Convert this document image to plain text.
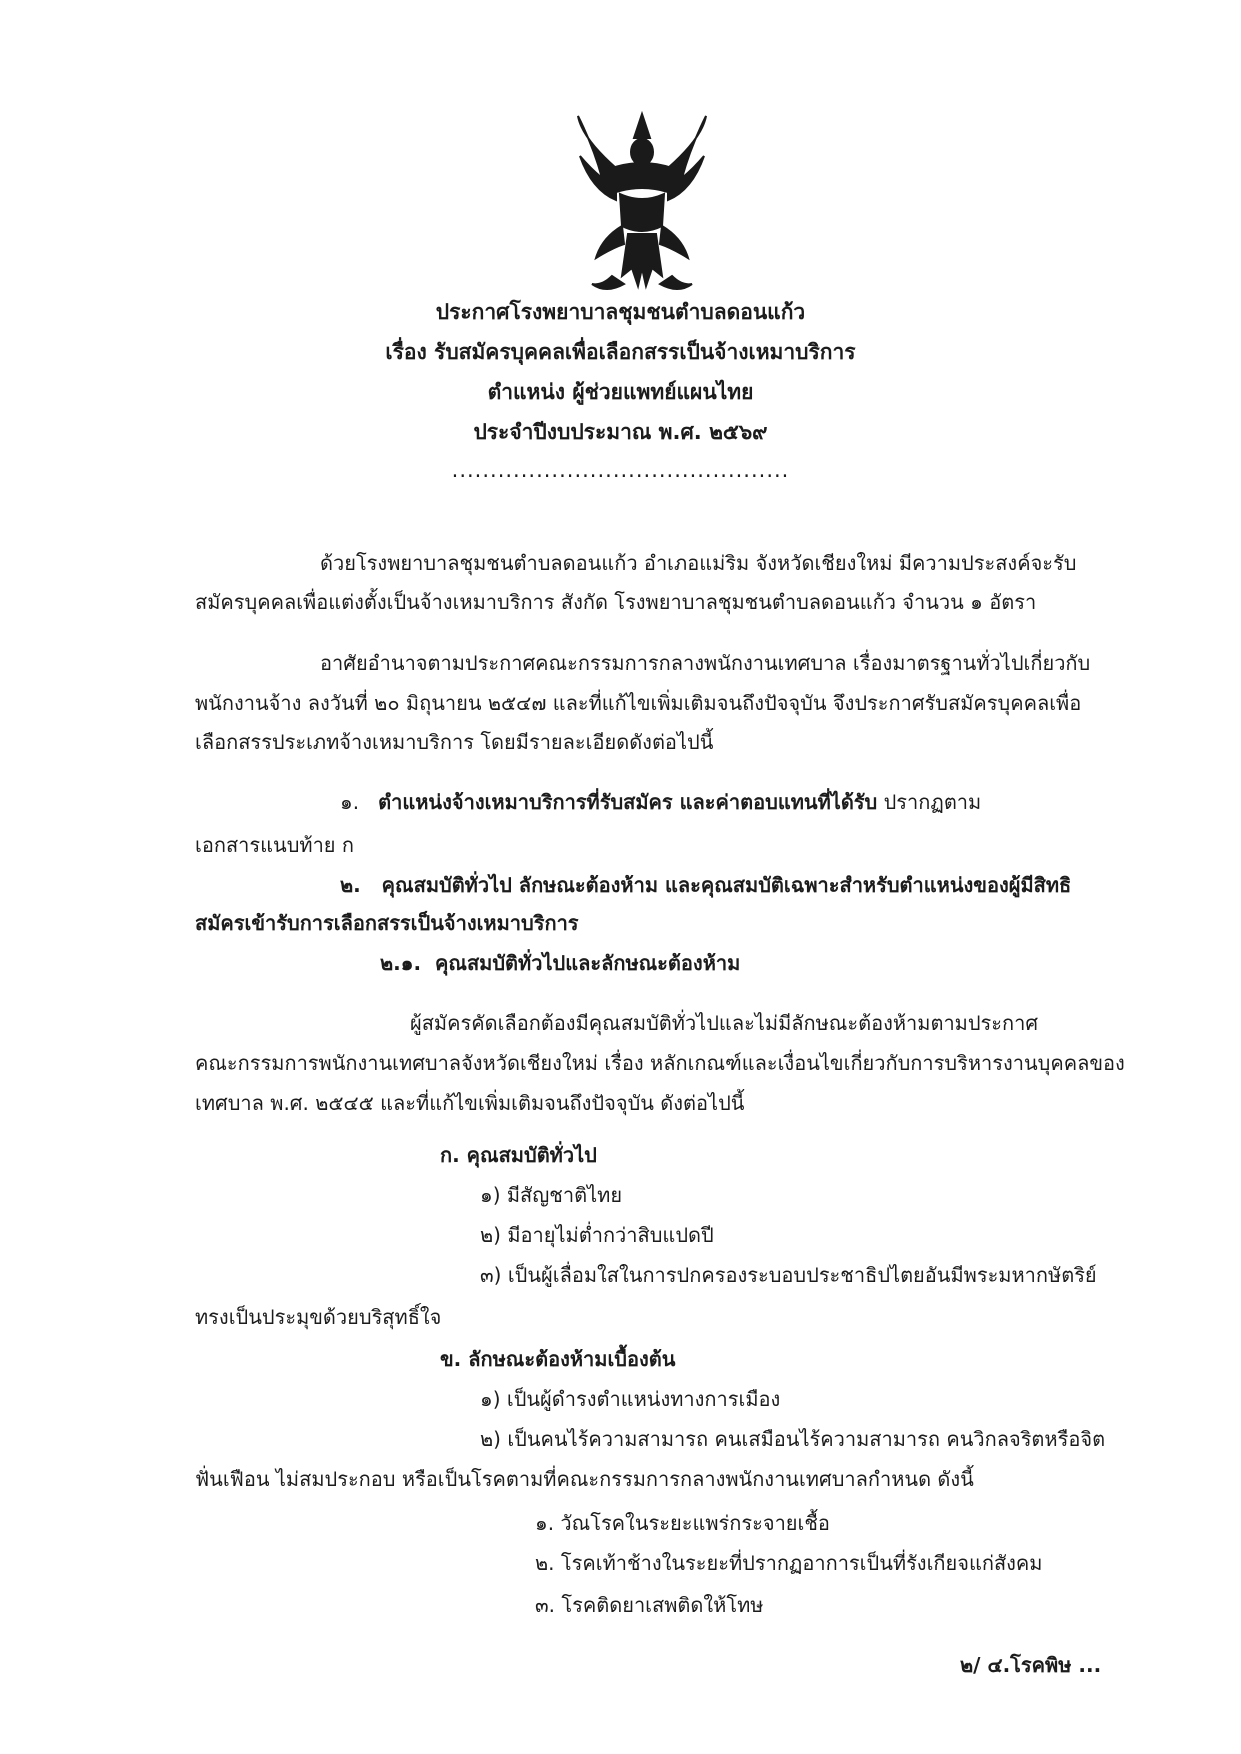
ประกาศโรงพยาบาลชุมชนตำบลดอนแก้ว
เรื่อง รับสมัครบุคคลเพื่อเลือกสรรเป็นจ้างเหมาบริการ
ตำแหน่ง ผู้ช่วยแพทย์แผนไทย
ประจำปีงบประมาณ พ.ศ. ๒๕๖๙
............................................
ด้วยโรงพยาบาลชุมชนตำบลดอนแก้ว อำเภอแม่ริม จังหวัดเชียงใหม่ มีความประสงค์จะรับ
สมัครบุคคลเพื่อแต่งตั้งเป็นจ้างเหมาบริการ สังกัด โรงพยาบาลชุมชนตำบลดอนแก้ว จำนวน ๑ อัตรา
อาศัยอำนาจตามประกาศคณะกรรมการกลางพนักงานเทศบาล เรื่องมาตรฐานทั่วไปเกี่ยวกับ
พนักงานจ้าง ลงวันที่ ๒๐ มิถุนายน ๒๕๔๗ และที่แก้ไขเพิ่มเติมจนถึงปัจจุบัน จึงประกาศรับสมัครบุคคลเพื่อ
เลือกสรรประเภทจ้างเหมาบริการ โดยมีรายละเอียดดังต่อไปนี้
๑. ตำแหน่งจ้างเหมาบริการที่รับสมัคร และค่าตอบแทนที่ได้รับ ปรากฏตาม
เอกสารแนบท้าย ก
๒. คุณสมบัติทั่วไป ลักษณะต้องห้าม และคุณสมบัติเฉพาะสำหรับตำแหน่งของผู้มีสิทธิ
สมัครเข้ารับการเลือกสรรเป็นจ้างเหมาบริการ
๒.๑. คุณสมบัติทั่วไปและลักษณะต้องห้าม
ผู้สมัครคัดเลือกต้องมีคุณสมบัติทั่วไปและไม่มีลักษณะต้องห้ามตามประกาศ
คณะกรรมการพนักงานเทศบาลจังหวัดเชียงใหม่ เรื่อง หลักเกณฑ์และเงื่อนไขเกี่ยวกับการบริหารงานบุคคลของ
เทศบาล พ.ศ. ๒๕๔๕ และที่แก้ไขเพิ่มเติมจนถึงปัจจุบัน ดังต่อไปนี้
ก. คุณสมบัติทั่วไป
๑) มีสัญชาติไทย
๒) มีอายุไม่ต่ำกว่าสิบแปดปี
๓) เป็นผู้เลื่อมใสในการปกครองระบอบประชาธิปไตยอันมีพระมหากษัตริย์
ทรงเป็นประมุขด้วยบริสุทธิ์ใจ
ข. ลักษณะต้องห้ามเบื้องต้น
๑) เป็นผู้ดำรงตำแหน่งทางการเมือง
๒) เป็นคนไร้ความสามารถ คนเสมือนไร้ความสามารถ คนวิกลจริตหรือจิต
ฟั่นเฟือน ไม่สมประกอบ หรือเป็นโรคตามที่คณะกรรมการกลางพนักงานเทศบาลกำหนด ดังนี้
๑. วัณโรคในระยะแพร่กระจายเชื้อ
๒. โรคเท้าช้างในระยะที่ปรากฏอาการเป็นที่รังเกียจแก่สังคม
๓. โรคติดยาเสพติดให้โทษ
๒/ ๔.โรคพิษ ...
